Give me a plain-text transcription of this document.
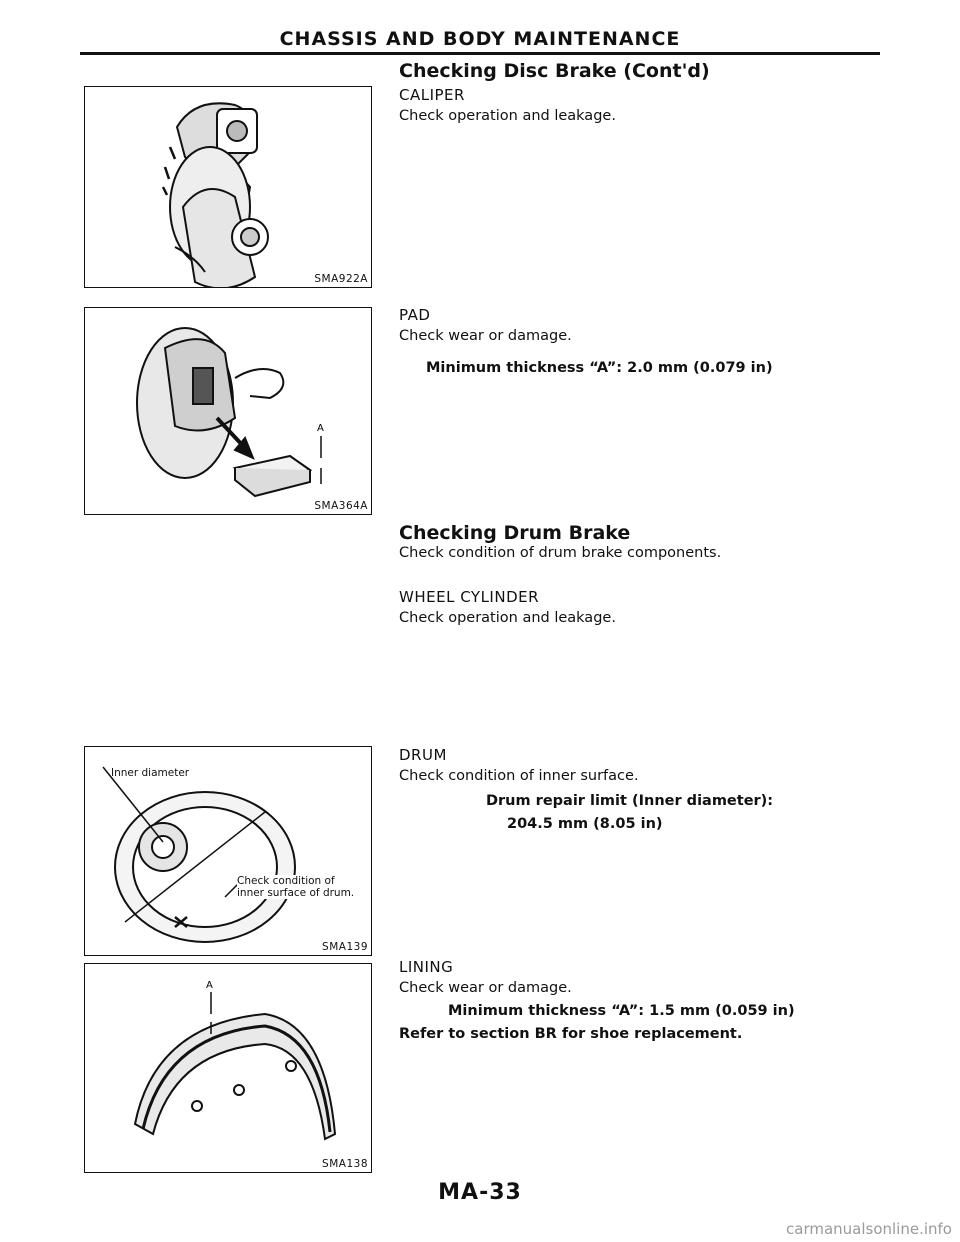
CHASSIS AND BODY MAINTENANCE
SMA922A
A
SMA364A
Inner diameter
Check condition of
inner surface of drum.
SMA139
A
SMA138
Checking Disc Brake (Cont'd)
CALIPER
Check operation and leakage.
PAD
Check wear or damage.
Minimum thickness “A”: 2.0 mm (0.079 in)
Checking Drum Brake
Check condition of drum brake components.
WHEEL CYLINDER
Check operation and leakage.
DRUM
Check condition of inner surface.
Drum repair limit (Inner diameter):
204.5 mm (8.05 in)
LINING
Check wear or damage.
Minimum thickness “A”: 1.5 mm (0.059 in)
Refer to section BR for shoe replacement.
MA-33
carmanualsonline.info
